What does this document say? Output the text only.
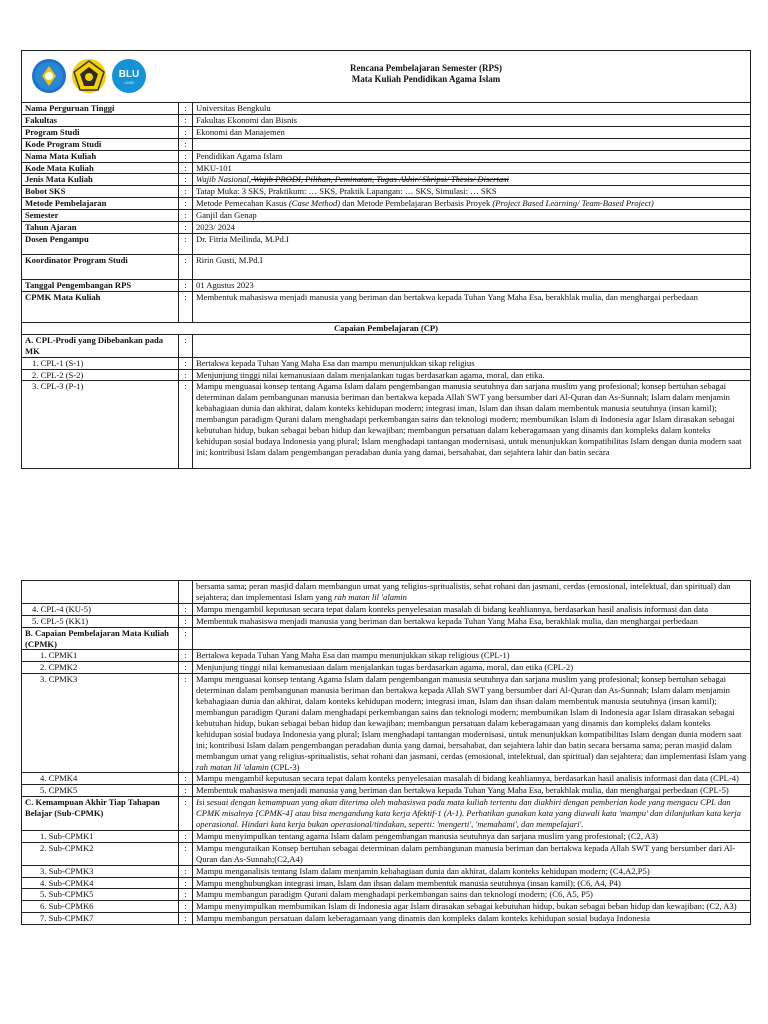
BLU
UNIB
Rencana Pembelajaran Semester (RPS)
Mata Kuliah Pendidikan Agama Islam		

Nama Perguruan Tinggi	:	Universitas Bengkulu
Fakultas	:	Fakultas Ekonomi dan Bisnis
Program Studi	:	Ekonomi dan Manajemen
Kode Program Studi	:	
Nama Mata Kuliah	:	Pendidikan Agama Islam
Kode Mata Kuliah	:	MKU-101
Jenis Mata Kuliah	:	Wajib Nasional, Wajib PRODI, Pilihan, Peminatan, Tugas Akhir/ Skripsi/ Thesis/ Disertasi
Bobot SKS	:	Tatap Muka: 3 SKS, Praktikum: … SKS, Praktik Lapangan: … SKS, Simulasi: … SKS
Metode Pembelajaran	:	Metode Pemecahan Kasus (Case Method) dan Metode Pembelajaran Berbasis Proyek (Project Based Learning/ Team-Based Project)
Semester	:	Ganjil dan Genap
Tahun Ajaran	:	2023/ 2024
Dosen Pengampu	:	Dr. Fitria Meilinda, M.Pd.I
Koordinator Program Studi	:	Ririn Gusti, M.Pd.I
Tanggal Pengembangan RPS	:	01 Agustus 2023
CPMK Mata Kuliah	:	Membentuk mahasiswa menjadi manusia yang beriman dan bertakwa kepada Tuhan Yang Maha Esa, berakhlak mulia, dan menghargai perbedaan
Capaian Pembelajaran (CP)		
A. CPL-Prodi yang Dibebankan pada MK	:	
1. CPL-1 (S-1)	:	Bertakwa kepada Tuhan Yang Maha Esa dan mampu menunjukkan sikap religius
2. CPL-2 (S-2)	:	Menjunjung tinggi nilai kemanusiaan dalam menjalankan tugas berdasarkan agama, moral, dan etika.
3. CPL-3 (P-1)	:	Mampu menguasai konsep tentang Agama Islam dalam pengembangan manusia seutuhnya dan sarjana muslim yang profesional; konsep bertuhan sebagai determinan dalam pembangunan manusia beriman dan bertakwa kepada Allah SWT yang bersumber dari Al-Quran dan As-Sunnah; Islam dalam menjamin kebahagiaan dunia dan akhirat, dalam konteks kehidupan modern; integrasi iman, Islam dan ihsan dalam membentuk manusia seutuhnya (insan kamil); membangun paradigm Qurani dalam menghadapi perkembangan sains dan teknologi modern; membumikan Islam di Indonesia agar Islam dirasakan sebagai kebutuhan hidup, bukan sebagai beban hidup dan kewajiban; membangun persatuan dalam keberagamaan yang dinamis dan kompleks dalam konteks kehidupan sosial budaya Indonesia yang plural; Islam menghadapi tantangan modernisasi, untuk menunjukkan kompatibilitas Islam dengan dunia modern saat ini; kontribusi Islam dalam pengembangan peradaban dunia yang damai, bersahabat, dan sejahtera lahir dan batin secara
		bersama sama; peran masjid dalam membangun umat yang religius-spritualistis, sehat rohani dan jasmani, cerdas (emosional, intelektual, dan spiritual) dan sejahtera; dan implementasi Islam yang rah matan lil 'alamin
4. CPL-4 (KU-5)	:	Mampu mengambil keputusan secara tepat dalam konteks penyelesaian masalah di bidang keahliannya, berdasarkan hasil analisis informasi dan data
5. CPL-5 (KK1)	:	Membentuk mahasiswa menjadi manusia yang beriman dan bertakwa kepada Tuhan Yang Maha Esa, berakhlak mulia, dan menghargai perbedaan
B. Capaian Pembelajaran Mata Kuliah (CPMK)	:	
1. CPMK1	:	Bertakwa kepada Tuhan Yang Maha Esa dan mampu menunjukkan sikap religious (CPL-1)
2. CPMK2	:	Menjunjung tinggi nilai kemanusiaan dalam menjalankan tugas berdasarkan agama, moral, dan etika (CPL-2)
3. CPMK3	:	Mampu menguasai konsep tentang Agama Islam dalam pengembangan manusia seutuhnya dan sarjana muslim yang profesional; konsep bertuhan sebagai determinan dalam pembangunan manusia beriman dan bertakwa kepada Allah SWT yang bersumber dari Al-Quran dan As-Sunnah; Islam dalam menjamin kebahagiaan dunia dan akhirat, dalam konteks kehidupan modern; integrasi iman, Islam dan ihsan dalam membentuk manusia seutuhnya (insan kamil); membangun paradigm Qurani dalam menghadapi perkembangan sains dan teknologi modern; membumikan Islam di Indonesia agar Islam dirasakan sebagai kebutuhan hidup, bukan sebagai beban hidup dan kewajiban; membangun persatuan dalam keberagamaan yang dinamis dan kompleks dalam konteks kehidupan sosial budaya Indonesia yang plural; Islam menghadapi tantangan modernisasi, untuk menunjukkan kompatibilitas Islam dengan dunia modern saat ini; kontribusi Islam dalam pengembangan peradaban dunia yang damai, bersahabat, dan sejahtera lahir dan batin secara bersama sama; peran masjid dalam membangun umat yang religius-spritualistis, sehat rohani dan jasmani, cerdas (emosional, intelektual, dan spiritual) dan sejahtera; dan implementasi Islam yang rah matan lil 'alamin (CPL-3)
4. CPMK4	:	Mampu mengambil keputusan secara tepat dalam konteks penyelesaian masalah di bidang keahliannya, berdasarkan hasil analisis informasi dan data (CPL-4)
5. CPMK5	:	Membentuk mahasiswa menjadi manusia yang beriman dan bertakwa kepada Tuhan Yang Maha Esa, berakhlak mulia, dan menghargai perbedaan (CPL-5)
C. Kemampuan Akhir Tiap Tahapan Belajar (Sub-CPMK)	:	Isi sesuai dengan kemampuan yang akan diterima oleh mahasiswa pada mata kuliah tertentu dan diakhiri dengan pemberian kode yang mengacu CPL dan CPMK misalnya [CPMK-4] atau bisa mengandung kata kerja Afektif-1 (A-1). Perhatikan gunakan kata yang diawali kata 'mampu' dan dilanjutkan kata kerja operasional. Hindari kata kerja bukan operasional/tindakan, seperti: 'mengerti', 'memahami', dan mempelajari'.
1. Sub-CPMK1	:	Mampu menyimpulkan tentang agama Islam dalam pengembangan manusia seutuhnya dan sarjana muslim yang profesional; (C2, A3)
2. Sub-CPMK2	:	Mampu menguraikan Konsep bertuhan sebagai determinan dalam pembangunan manusia beriman dan bertakwa kepada Allah SWT yang bersumber dari Al-Quran dan As-Sunnah;(C2,A4)
3. Sub-CPMK3	:	Mampu menganalisis tentang Islam dalam menjamin kebahagiaan dunia dan akhirat, dalam konteks kehidupan modern; (C4,A2,P5)
4. Sub-CPMK4	:	Mampu menghubungkan integrasi iman, Islam dan ihsan dalam membentuk manusia seutuhnya (insan kamil); (C6, A4, P4)
5. Sub-CPMK5	:	Mampu membangun paradigm Qurani dalam menghadapi perkembangan sains dan teknologi modern; (C6, A5, P5)
6. Sub-CPMK6	:	Mampu menyimpulkan membumikan Islam di Indonesia agar Islam dirasakan sebagai kebutuhan hidup, bukan sebagai beban hidup dan kewajiban; (C2, A3)
7. Sub-CPMK7	:	Mampu membangun persatuan dalam keberagamaan yang dinamis dan kompleks dalam konteks kehidupan sosial budaya Indonesia
